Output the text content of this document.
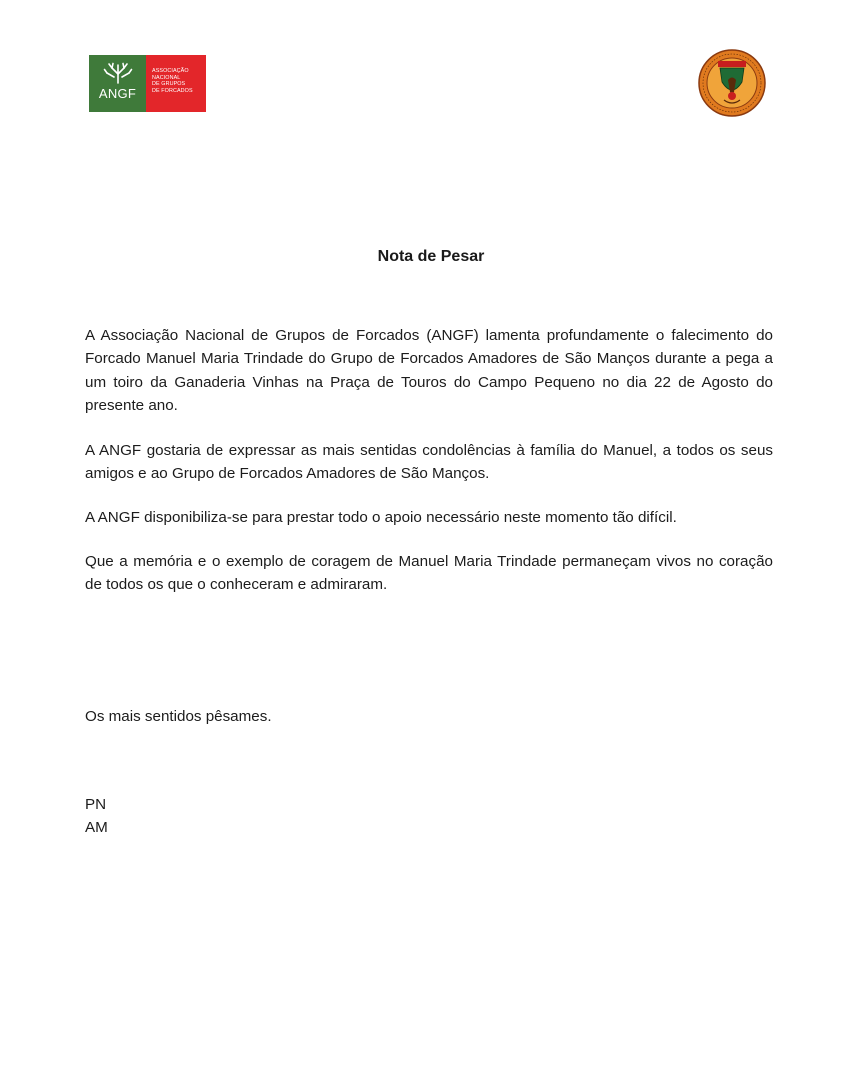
ANGF
ASSOCIAÇÃO
NACIONAL
DE GRUPOS
DE FORCADOS
Nota de Pesar

A Associação Nacional de Grupos de Forcados (ANGF) lamenta profundamente o falecimento do Forcado Manuel Maria Trindade do Grupo de Forcados Amadores de São Manços durante a pega a um toiro da Ganaderia Vinhas na Praça de Touros do Campo Pequeno no dia 22 de Agosto do presente ano.

A ANGF gostaria de expressar as mais sentidas condolências à família do Manuel, a todos os seus amigos e ao Grupo de Forcados Amadores de São Manços.

A ANGF disponibiliza-se para prestar todo o apoio necessário neste momento tão difícil.

Que a memória e o exemplo de coragem de Manuel Maria Trindade permaneçam vivos no coração de todos os que o conheceram e admiraram.

Os mais sentidos pêsames.

PN

AM
